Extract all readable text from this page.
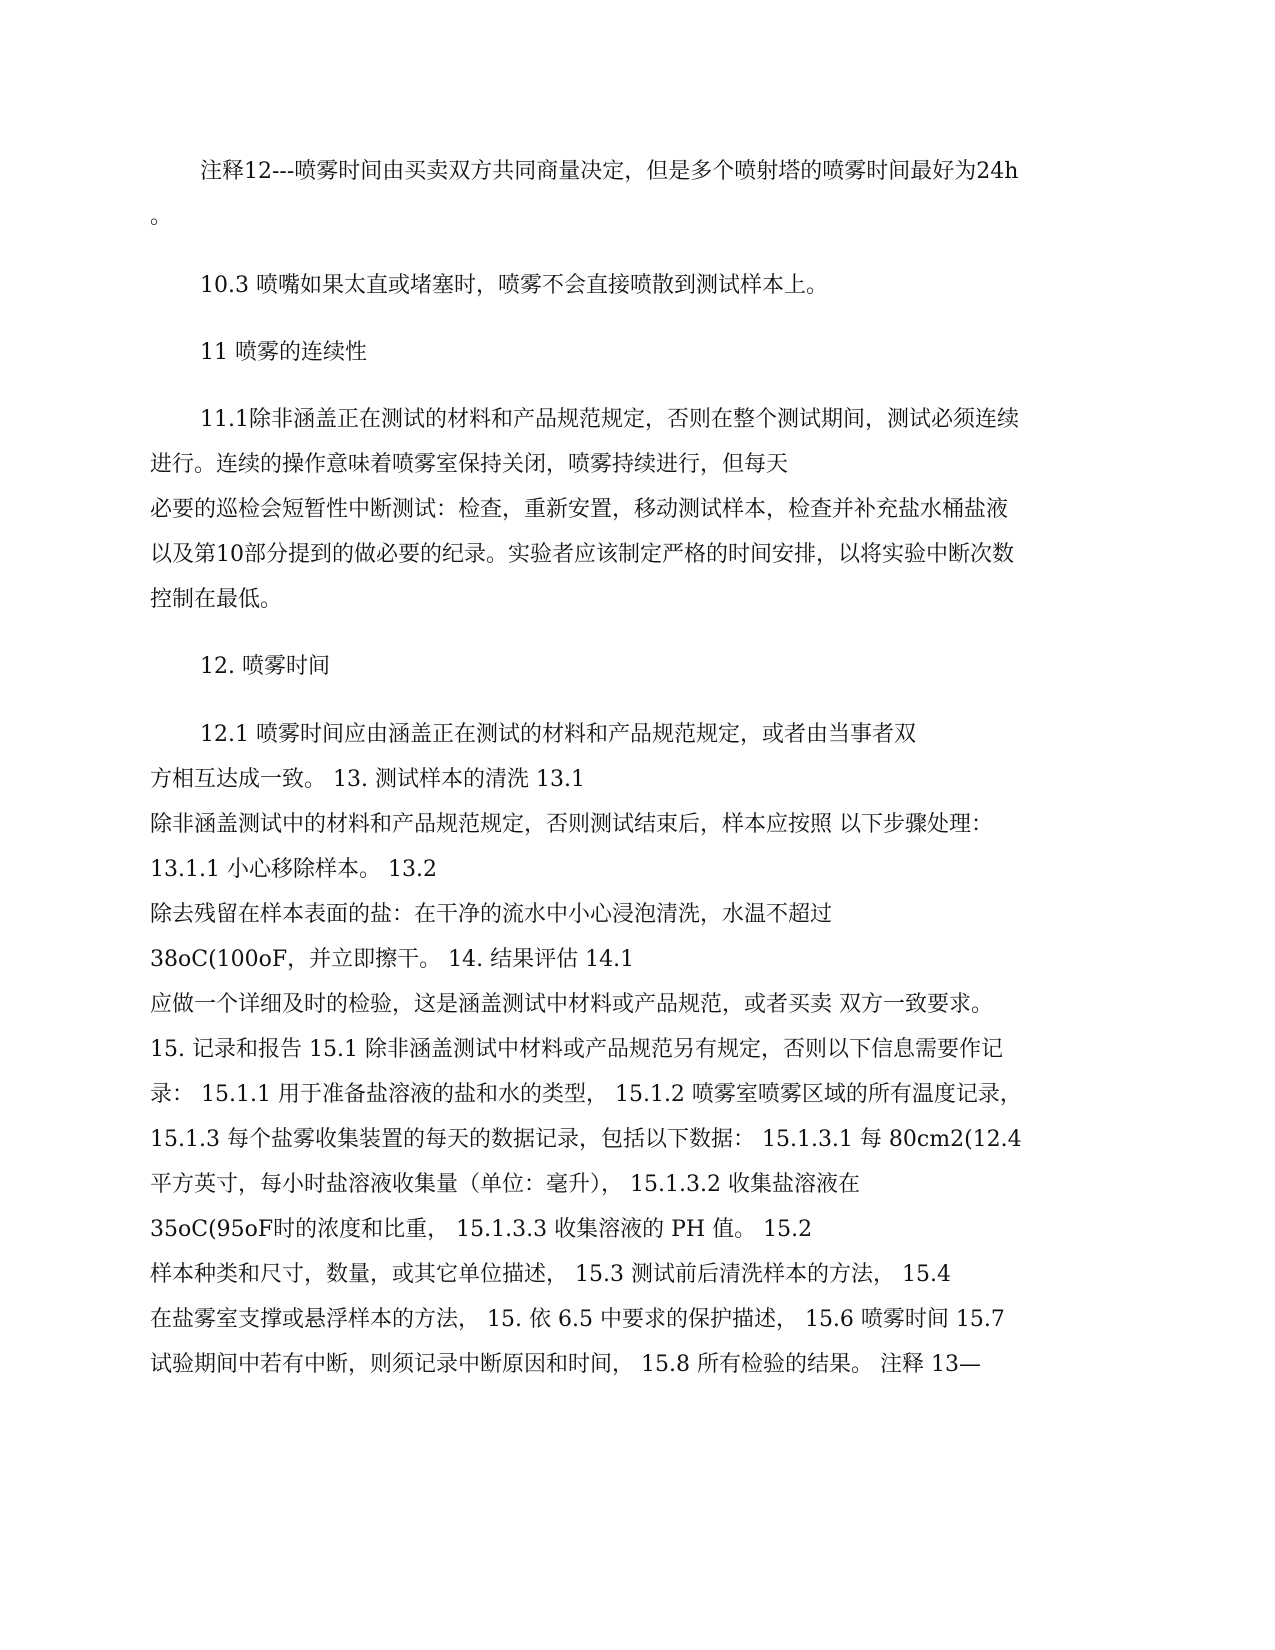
注释12---喷雾时间由买卖双方共同商量决定，但是多个喷射塔的喷雾时间最好为24h

。

10.3 喷嘴如果太直或堵塞时，喷雾不会直接喷散到测试样本上。

11 喷雾的连续性

11.1除非涵盖正在测试的材料和产品规范规定，否则在整个测试期间，测试必须连续

进行。连续的操作意味着喷雾室保持关闭，喷雾持续进行，但每天

必要的巡检会短暂性中断测试：检查，重新安置，移动测试样本，检查并补充盐水桶盐液

以及第10部分提到的做必要的纪录。实验者应该制定严格的时间安排，以将实验中断次数

控制在最低。

12. 喷雾时间

12.1 喷雾时间应由涵盖正在测试的材料和产品规范规定，或者由当事者双

方相互达成一致。 13. 测试样本的清洗 13.1

除非涵盖测试中的材料和产品规范规定，否则测试结束后，样本应按照 以下步骤处理：

13.1.1 小心移除样本。 13.2

除去残留在样本表面的盐：在干净的流水中小心浸泡清洗，水温不超过

38oC(100oF，并立即擦干。 14. 结果评估 14.1

应做一个详细及时的检验，这是涵盖测试中材料或产品规范，或者买卖 双方一致要求。

15. 记录和报告 15.1 除非涵盖测试中材料或产品规范另有规定，否则以下信息需要作记

录： 15.1.1 用于准备盐溶液的盐和水的类型， 15.1.2 喷雾室喷雾区域的所有温度记录，

15.1.3 每个盐雾收集装置的每天的数据记录，包括以下数据： 15.1.3.1 每 80cm2(12.4

平方英寸，每小时盐溶液收集量（单位：毫升）， 15.1.3.2 收集盐溶液在

35oC(95oF时的浓度和比重， 15.1.3.3 收集溶液的 PH 值。 15.2

样本种类和尺寸，数量，或其它单位描述， 15.3 测试前后清洗样本的方法， 15.4

在盐雾室支撑或悬浮样本的方法， 15. 依 6.5 中要求的保护描述， 15.6 喷雾时间 15.7

试验期间中若有中断，则须记录中断原因和时间， 15.8 所有检验的结果。 注释 13—
